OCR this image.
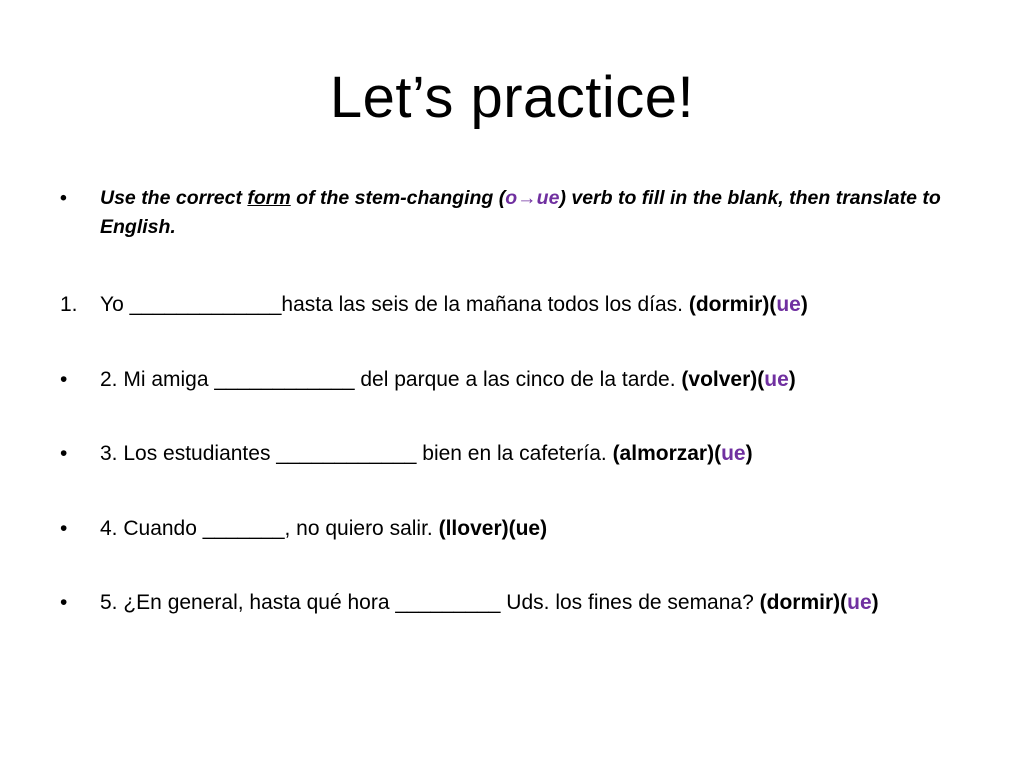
Let’s practice!
•	Use the correct form of the stem-changing (o→ue) verb to fill in the blank, then translate to English.
1.	Yo _____________hasta las seis de la mañana todos los días. (dormir)(ue)
•	2. Mi amiga ____________ del parque a las cinco de la tarde. (volver)(ue)
•	3. Los estudiantes ____________ bien en la cafetería. (almorzar)(ue)
•	4. Cuando _______, no quiero salir. (llover)(ue)
•	5. ¿En general, hasta qué hora _________ Uds. los fines de semana? (dormir)(ue)
